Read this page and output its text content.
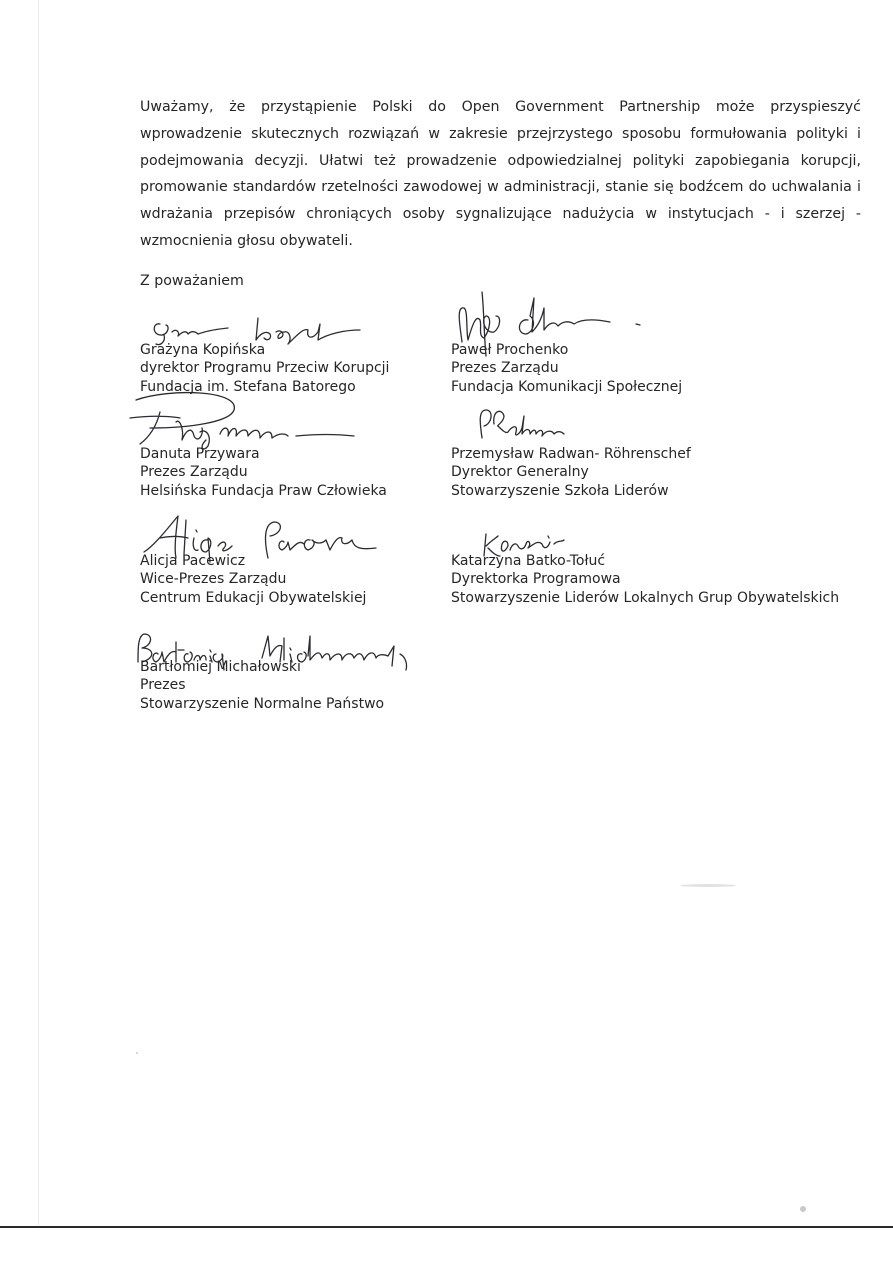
Uważamy, że przystąpienie Polski do Open Government Partnership może przyspieszyć wprowadzenie skutecznych rozwiązań w zakresie przejrzystego sposobu formułowania polityki i podejmowania decyzji. Ułatwi też prowadzenie odpowiedzialnej polityki zapobiegania korupcji, promowanie standardów rzetelności zawodowej w administracji, stanie się bodźcem do uchwalania i wdrażania przepisów chroniących osoby sygnalizujące nadużycia w instytucjach - i szerzej - wzmocnienia głosu obywateli.

Z poważaniem

Grażyna Kopińska
dyrektor Programu Przeciw Korupcji
Fundacja im. Stefana Batorego
Paweł Prochenko
Prezes Zarządu
Fundacja Komunikacji Społecznej
Danuta Przywara
Prezes Zarządu
Helsińska Fundacja Praw Człowieka
Przemysław Radwan- Röhrenschef
Dyrektor Generalny
Stowarzyszenie Szkoła Liderów
Alicja Pacewicz
Wice-Prezes Zarządu
Centrum Edukacji Obywatelskiej
Katarzyna Batko-Tołuć
Dyrektorka Programowa
Stowarzyszenie Liderów Lokalnych Grup Obywatelskich
Bartłomiej Michałowski
Prezes
Stowarzyszenie Normalne Państwo
